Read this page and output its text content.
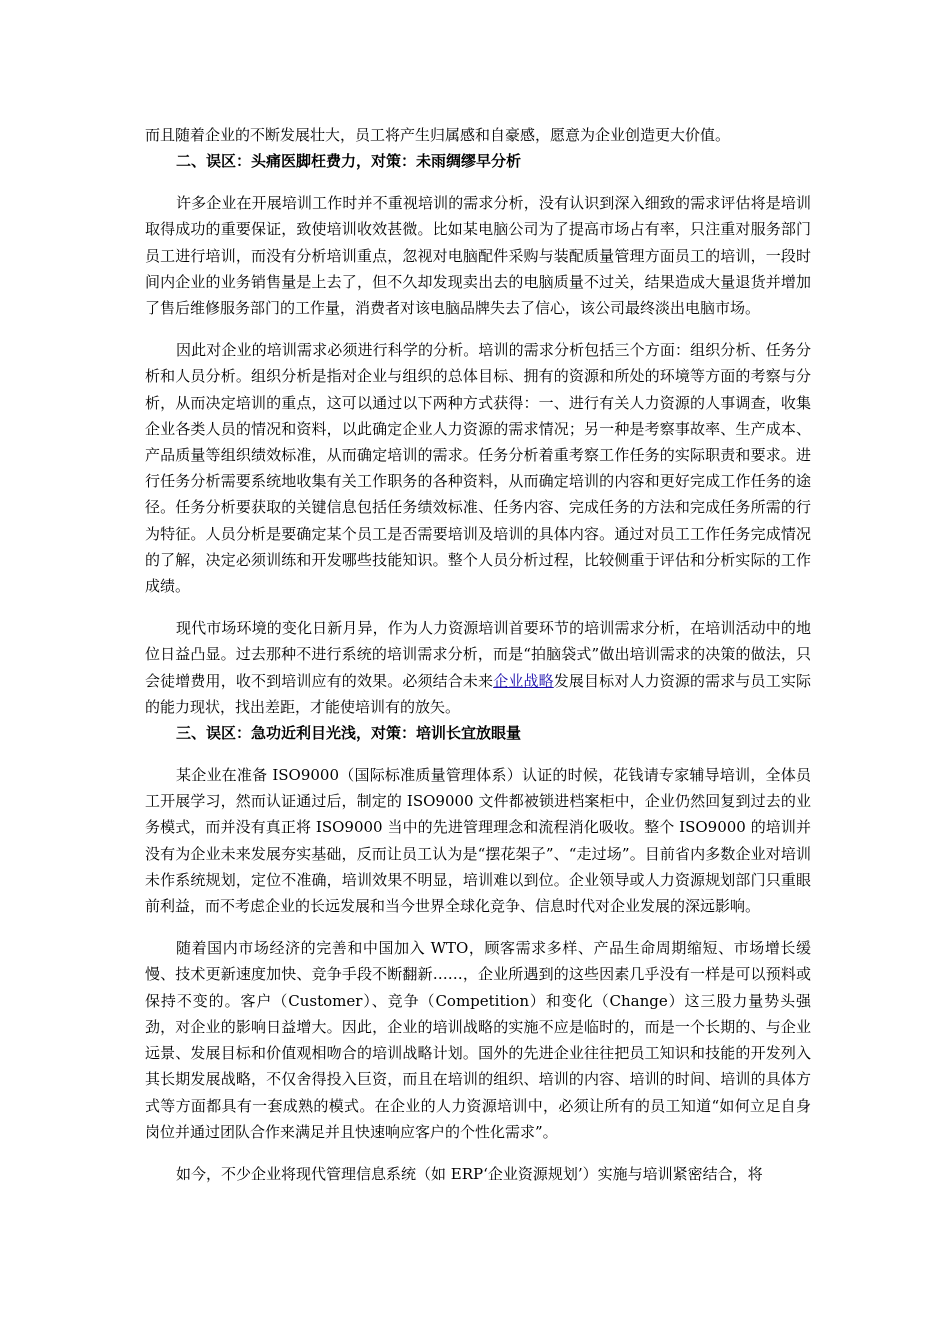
而且随着企业的不断发展壮大，员工将产生归属感和自豪感，愿意为企业创造更大价值。

二、误区：头痛医脚枉费力，对策：未雨绸缪早分析

许多企业在开展培训工作时并不重视培训的需求分析，没有认识到深入细致的需求评估将是培训取得成功的重要保证，致使培训收效甚微。比如某电脑公司为了提高市场占有率，只注重对服务部门员工进行培训，而没有分析培训重点，忽视对电脑配件采购与装配质量管理方面员工的培训，一段时间内企业的业务销售量是上去了，但不久却发现卖出去的电脑质量不过关，结果造成大量退货并增加了售后维修服务部门的工作量，消费者对该电脑品牌失去了信心，该公司最终淡出电脑市场。

因此对企业的培训需求必须进行科学的分析。培训的需求分析包括三个方面：组织分析、任务分析和人员分析。组织分析是指对企业与组织的总体目标、拥有的资源和所处的环境等方面的考察与分析，从而决定培训的重点，这可以通过以下两种方式获得：一、进行有关人力资源的人事调查，收集企业各类人员的情况和资料，以此确定企业人力资源的需求情况；另一种是考察事故率、生产成本、产品质量等组织绩效标准，从而确定培训的需求。任务分析着重考察工作任务的实际职责和要求。进行任务分析需要系统地收集有关工作职务的各种资料，从而确定培训的内容和更好完成工作任务的途径。任务分析要获取的关键信息包括任务绩效标准、任务内容、完成任务的方法和完成任务所需的行为特征。人员分析是要确定某个员工是否需要培训及培训的具体内容。通过对员工工作任务完成情况的了解，决定必须训练和开发哪些技能知识。整个人员分析过程，比较侧重于评估和分析实际的工作成绩。

现代市场环境的变化日新月异，作为人力资源培训首要环节的培训需求分析，在培训活动中的地位日益凸显。过去那种不进行系统的培训需求分析，而是“拍脑袋式”做出培训需求的决策的做法，只会徒增费用，收不到培训应有的效果。必须结合未来企业战略发展目标对人力资源的需求与员工实际的能力现状，找出差距，才能使培训有的放矢。

三、误区：急功近利目光浅，对策：培训长宜放眼量

某企业在准备 ISO9000（国际标准质量管理体系）认证的时候，花钱请专家辅导培训，全体员工开展学习，然而认证通过后，制定的 ISO9000 文件都被锁进档案柜中，企业仍然回复到过去的业务模式，而并没有真正将 ISO9000 当中的先进管理理念和流程消化吸收。整个 ISO9000 的培训并没有为企业未来发展夯实基础，反而让员工认为是“摆花架子”、“走过场”。目前省内多数企业对培训未作系统规划，定位不准确，培训效果不明显，培训难以到位。企业领导或人力资源规划部门只重眼前利益，而不考虑企业的长远发展和当今世界全球化竞争、信息时代对企业发展的深远影响。

随着国内市场经济的完善和中国加入 WTO，顾客需求多样、产品生命周期缩短、市场增长缓慢、技术更新速度加快、竞争手段不断翻新……，企业所遇到的这些因素几乎没有一样是可以预料或保持不变的。客户（Customer）、竞争（Competition）和变化（Change）这三股力量势头强劲，对企业的影响日益增大。因此，企业的培训战略的实施不应是临时的，而是一个长期的、与企业远景、发展目标和价值观相吻合的培训战略计划。国外的先进企业往往把员工知识和技能的开发列入其长期发展战略，不仅舍得投入巨资，而且在培训的组织、培训的内容、培训的时间、培训的具体方式等方面都具有一套成熟的模式。在企业的人力资源培训中，必须让所有的员工知道“如何立足自身岗位并通过团队合作来满足并且快速响应客户的个性化需求”。

如今，不少企业将现代管理信息系统（如 ERP‘企业资源规划’）实施与培训紧密结合，将
